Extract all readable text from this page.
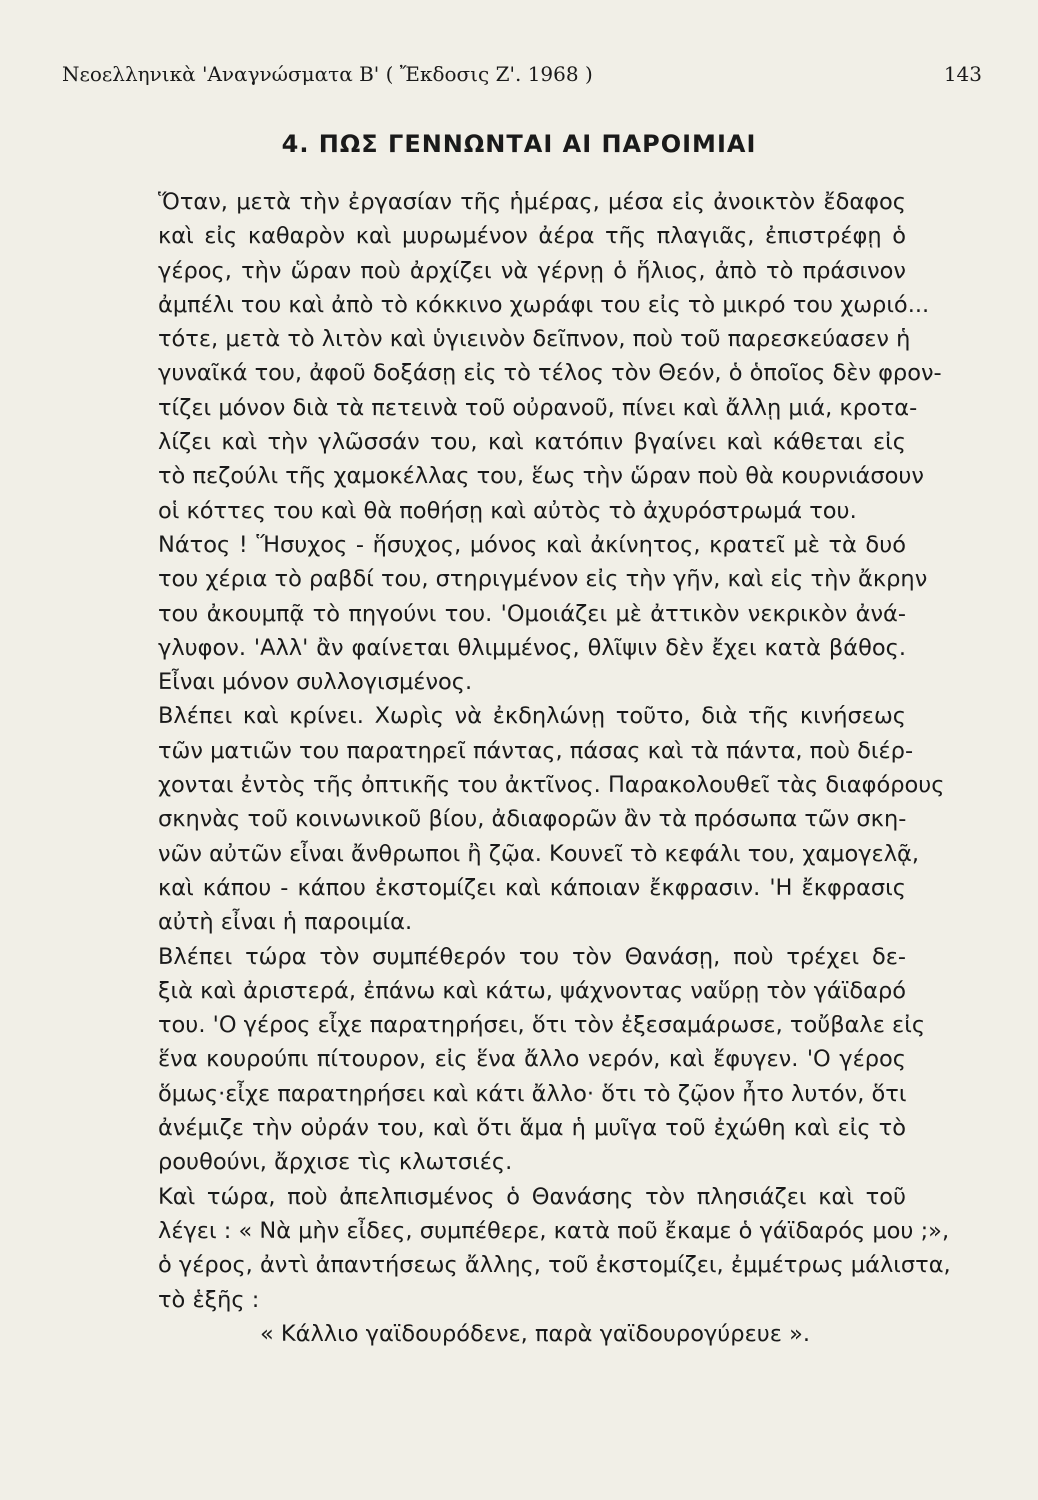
Νεοελληνικὰ 'Αναγνώσματα Β' ( Ἔκδοσις Ζ'. 1968 )	143
4. ΠΩΣ ΓΕΝΝΩΝΤΑΙ ΑΙ ΠΑΡΟΙΜΙΑΙ
Ὅταν, μετὰ τὴν ἐργασίαν τῆς ἡμέρας, μέσα εἰς ἀνοικτὸν ἔδαφος
καὶ εἰς καθαρὸν καὶ μυρωμένον ἀέρα τῆς πλαγιᾶς, ἐπιστρέφῃ ὁ
γέρος, τὴν ὥραν ποὺ ἀρχίζει νὰ γέρνῃ ὁ ἥλιος, ἀπὸ τὸ πράσινον
ἀμπέλι του καὶ ἀπὸ τὸ κόκκινο χωράφι του εἰς τὸ μικρό του χωριό...
τότε, μετὰ τὸ λιτὸν καὶ ὑγιεινὸν δεῖπνον, ποὺ τοῦ παρεσκεύασεν ἡ
γυναῖκά του, ἀφοῦ δοξάσῃ εἰς τὸ τέλος τὸν Θεόν, ὁ ὁποῖος δὲν φρον-
τίζει μόνον διὰ τὰ πετεινὰ τοῦ οὐρανοῦ, πίνει καὶ ἄλλῃ μιά, κροτα-
λίζει καὶ τὴν γλῶσσάν του, καὶ κατόπιν βγαίνει καὶ κάθεται εἰς
τὸ πεζούλι τῆς χαμοκέλλας του, ἕως τὴν ὥραν ποὺ θὰ κουρνιάσουν
οἱ κόττες του καὶ θὰ ποθήσῃ καὶ αὐτὸς τὸ ἀχυρόστρωμά του.
Νάτος ! Ἥσυχος - ἥσυχος, μόνος καὶ ἀκίνητος, κρατεῖ μὲ τὰ δυό
του χέρια τὸ ραβδί του, στηριγμένον εἰς τὴν γῆν, καὶ εἰς τὴν ἄκρην
του ἀκουμπᾷ τὸ πηγούνι του. 'Ομοιάζει μὲ ἀττικὸν νεκρικὸν ἀνά-
γλυφον. 'Αλλ' ἂν φαίνεται θλιμμένος, θλῖψιν δὲν ἔχει κατὰ βάθος.
Εἶναι μόνον συλλογισμένος.
Βλέπει καὶ κρίνει. Χωρὶς νὰ ἐκδηλώνῃ τοῦτο, διὰ τῆς κινήσεως
τῶν ματιῶν του παρατηρεῖ πάντας, πάσας καὶ τὰ πάντα, ποὺ διέρ-
χονται ἐντὸς τῆς ὀπτικῆς του ἀκτῖνος. Παρακολουθεῖ τὰς διαφόρους
σκηνὰς τοῦ κοινωνικοῦ βίου, ἀδιαφορῶν ἂν τὰ πρόσωπα τῶν σκη-
νῶν αὐτῶν εἶναι ἄνθρωποι ἢ ζῷα. Κουνεῖ τὸ κεφάλι του, χαμογελᾷ,
καὶ κάπου - κάπου ἐκστομίζει καὶ κάποιαν ἔκφρασιν. 'Η ἔκφρασις
αὐτὴ εἶναι ἡ παροιμία.
Βλέπει τώρα τὸν συμπέθερόν του τὸν Θανάσῃ, ποὺ τρέχει δε-
ξιὰ καὶ ἀριστερά, ἐπάνω καὶ κάτω, ψάχνοντας ναὕρῃ τὸν γάϊδαρό
του. 'Ο γέρος εἶχε παρατηρήσει, ὅτι τὸν ἐξεσαμάρωσε, τοὔβαλε εἰς
ἕνα κουρούπι πίτουρον, εἰς ἕνα ἄλλο νερόν, καὶ ἔφυγεν. 'Ο γέρος
ὅμως·εἶχε παρατηρήσει καὶ κάτι ἄλλο· ὅτι τὸ ζῷον ἦτο λυτόν, ὅτι
ἀνέμιζε τὴν οὐράν του, καὶ ὅτι ἅμα ἡ μυῖγα τοῦ ἐχώθη καὶ εἰς τὸ
ρουθούνι, ἄρχισε τὶς κλωτσιές.
Καὶ τώρα, ποὺ ἀπελπισμένος ὁ Θανάσης τὸν πλησιάζει καὶ τοῦ
λέγει : « Νὰ μὴν εἶδες, συμπέθερε, κατὰ ποῦ ἔκαμε ὁ γάϊδαρός μου ;»,
ὁ γέρος, ἀντὶ ἀπαντήσεως ἄλλης, τοῦ ἐκστομίζει, ἐμμέτρως μάλιστα,
τὸ ἑξῆς :
« Κάλλιο γαϊδουρόδενε, παρὰ γαϊδουρογύρευε ».
